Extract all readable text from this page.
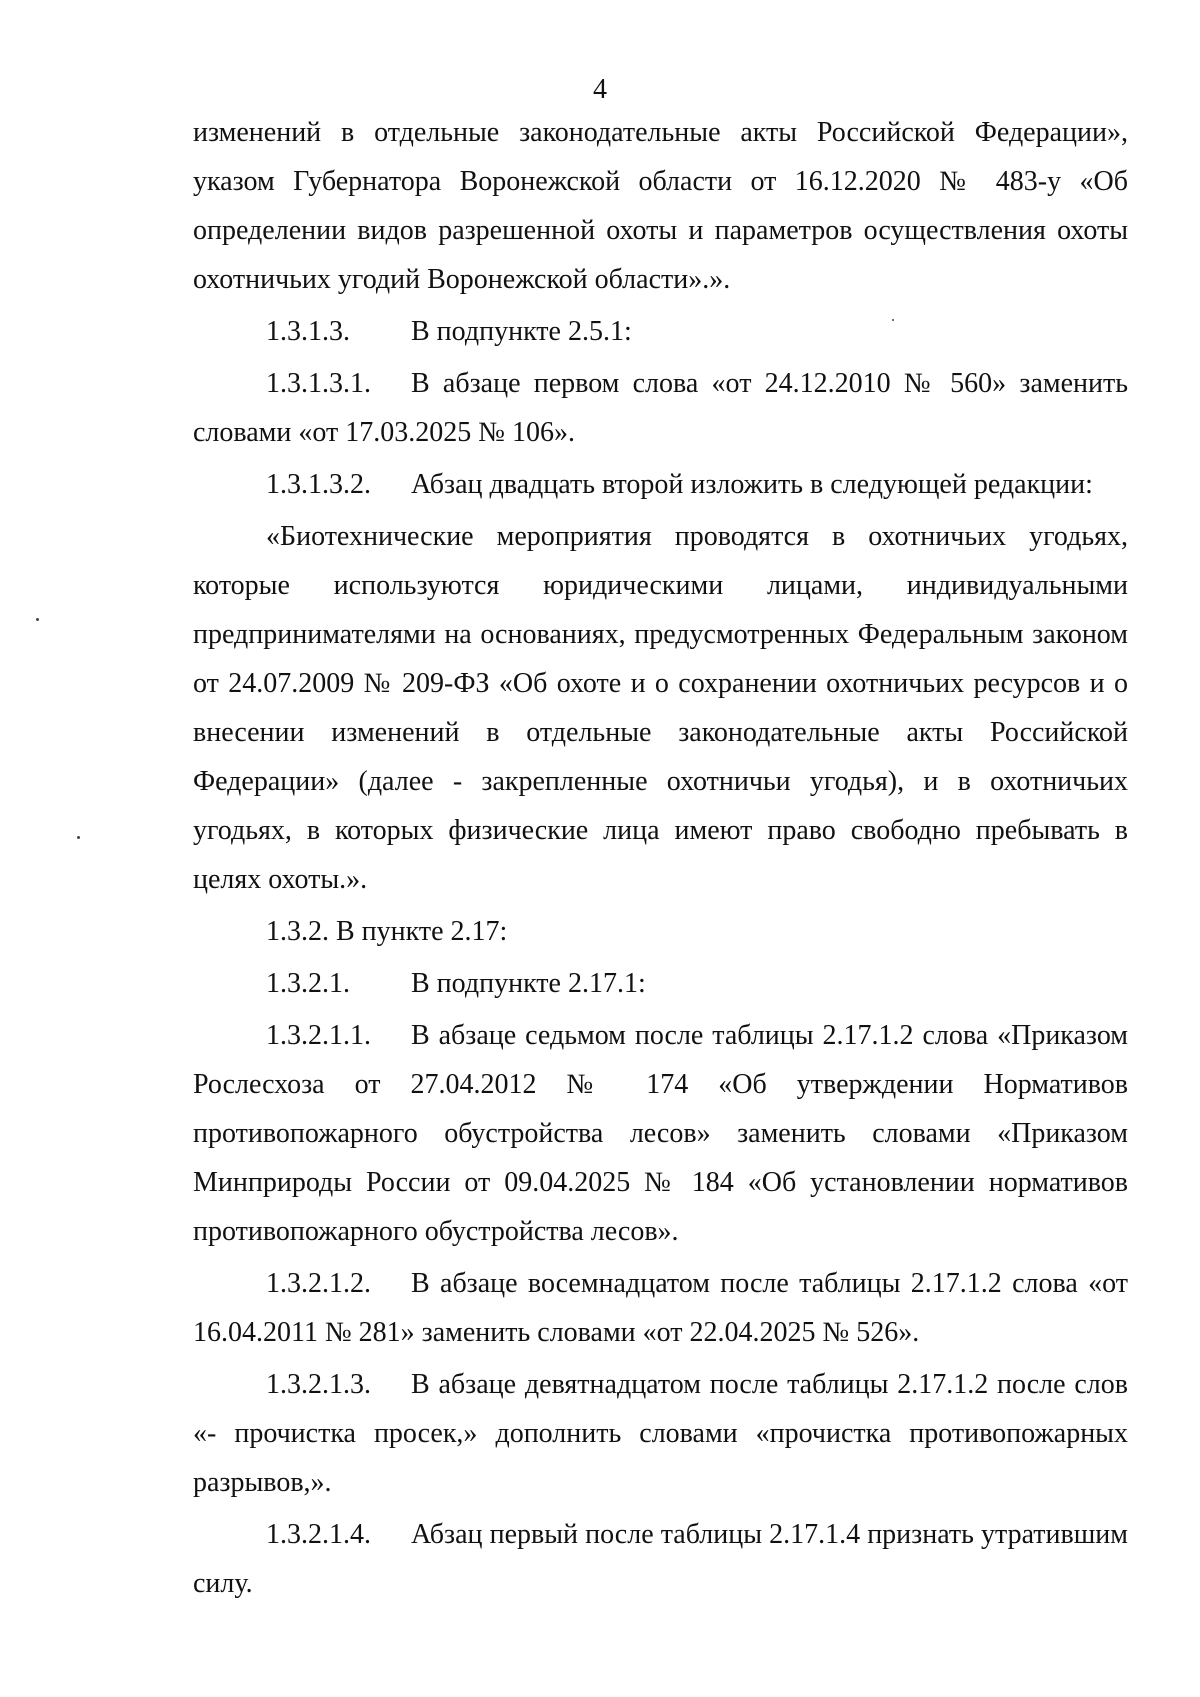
4

изменений в отдельные законодательные акты Российской Федерации», указом Губернатора Воронежской области от 16.12.2020 № 483-у «Об определении видов разрешенной охоты и параметров осуществления охоты охотничьих угодий Воронежской области».».

1.3.1.3. В подпункте 2.5.1:

1.3.1.3.1. В абзаце первом слова «от 24.12.2010 № 560» заменить словами «от 17.03.2025 № 106».

1.3.1.3.2. Абзац двадцать второй изложить в следующей редакции:

«Биотехнические мероприятия проводятся в охотничьих угодьях, которые используются юридическими лицами, индивидуальными предпринимателями на основаниях, предусмотренных Федеральным законом от 24.07.2009 № 209-ФЗ «Об охоте и о сохранении охотничьих ресурсов и о внесении изменений в отдельные законодательные акты Российской Федерации» (далее - закрепленные охотничьи угодья), и в охотничьих угодьях, в которых физические лица имеют право свободно пребывать в целях охоты.».

1.3.2. В пункте 2.17:

1.3.2.1. В подпункте 2.17.1:

1.3.2.1.1. В абзаце седьмом после таблицы 2.17.1.2 слова «Приказом Рослесхоза от 27.04.2012 № 174 «Об утверждении Нормативов противопожарного обустройства лесов» заменить словами «Приказом Минприроды России от 09.04.2025 № 184 «Об установлении нормативов противопожарного обустройства лесов».

1.3.2.1.2. В абзаце восемнадцатом после таблицы 2.17.1.2 слова «от 16.04.2011 № 281» заменить словами «от 22.04.2025 № 526».

1.3.2.1.3. В абзаце девятнадцатом после таблицы 2.17.1.2 после слов «- прочистка просек,» дополнить словами «прочистка противопожарных разрывов,».

1.3.2.1.4. Абзац первый после таблицы 2.17.1.4 признать утратившим силу.
